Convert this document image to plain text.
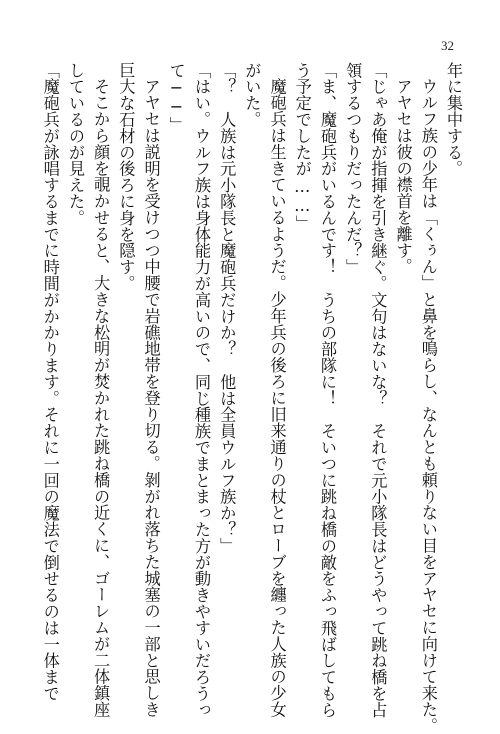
32
年に集中する。
ウルフ族の少年は「くぅん」と鼻を鳴らし、なんとも頼りない目をアヤセに向けて来た。
アヤセは彼の襟首を離す。
「じゃあ俺が指揮を引き継ぐ。文句はないな？　それで元小隊長はどうやって跳ね橋を占
領するつもりだったんだ？」
「ま、魔砲兵がいるんです！　うちの部隊に！　そいつに跳ね橋の敵をふっ飛ばしてもら
う予定でしたが……」
魔砲兵は生きているようだ。少年兵の後ろに旧来通りの杖とローブを纏った人族の少女
がいた。
「？　人族は元小隊長と魔砲兵だけか？　他は全員ウルフ族か？」
「はい。ウルフ族は身体能力が高いので、同じ種族でまとまった方が動きやすいだろうっ
て──」
アヤセは説明を受けつつ中腰で岩礁地帯を登り切る。剝がれ落ちた城塞の一部と思しき
巨大な石材の後ろに身を隠す。
そこから顔を覗かせると、大きな松明が焚かれた跳ね橋の近くに、ゴーレムが二体鎮座
しているのが見えた。
「魔砲兵が詠唱するまでに時間がかかります。それに一回の魔法で倒せるのは一体まで
